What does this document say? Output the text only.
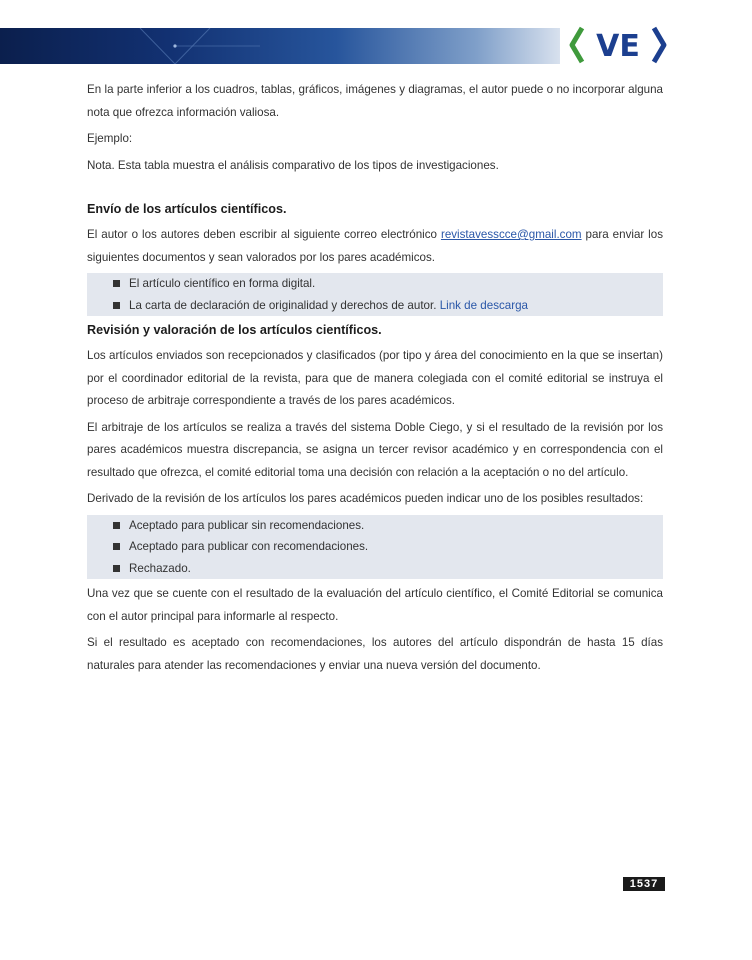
VE

En la parte inferior a los cuadros, tablas, gráficos, imágenes y diagramas, el autor puede o no incorporar alguna nota que ofrezca información valiosa.

Ejemplo:

Nota. Esta tabla muestra el análisis comparativo de los tipos de investigaciones.

Envío de los artículos científicos.

El autor o los autores deben escribir al siguiente correo electrónico revistavesscce@gmail.com para enviar los siguientes documentos y sean valorados por los pares académicos.

El artículo científico en forma digital.
La carta de declaración de originalidad y derechos de autor. Link de descarga
Revisión y valoración de los artículos científicos.

Los artículos enviados son recepcionados y clasificados (por tipo y área del conocimiento en la que se insertan) por el coordinador editorial de la revista, para que de manera colegiada con el comité editorial se instruya el proceso de arbitraje correspondiente a través de los pares académicos.

El arbitraje de los artículos se realiza a través del sistema Doble Ciego, y si el resultado de la revisión por los pares académicos muestra discrepancia, se asigna un tercer revisor académico y en correspondencia con el resultado que ofrezca, el comité editorial toma una decisión con relación a la aceptación o no del artículo.

Derivado de la revisión de los artículos los pares académicos pueden indicar uno de los posibles resultados:

Aceptado para publicar sin recomendaciones.
Aceptado para publicar con recomendaciones.
Rechazado.

Una vez que se cuente con el resultado de la evaluación del artículo científico, el Comité Editorial se comunica con el autor principal para informarle al respecto.

Si el resultado es aceptado con recomendaciones, los autores del artículo dispondrán de hasta 15 días naturales para atender las recomendaciones y enviar una nueva versión del documento.

1537
